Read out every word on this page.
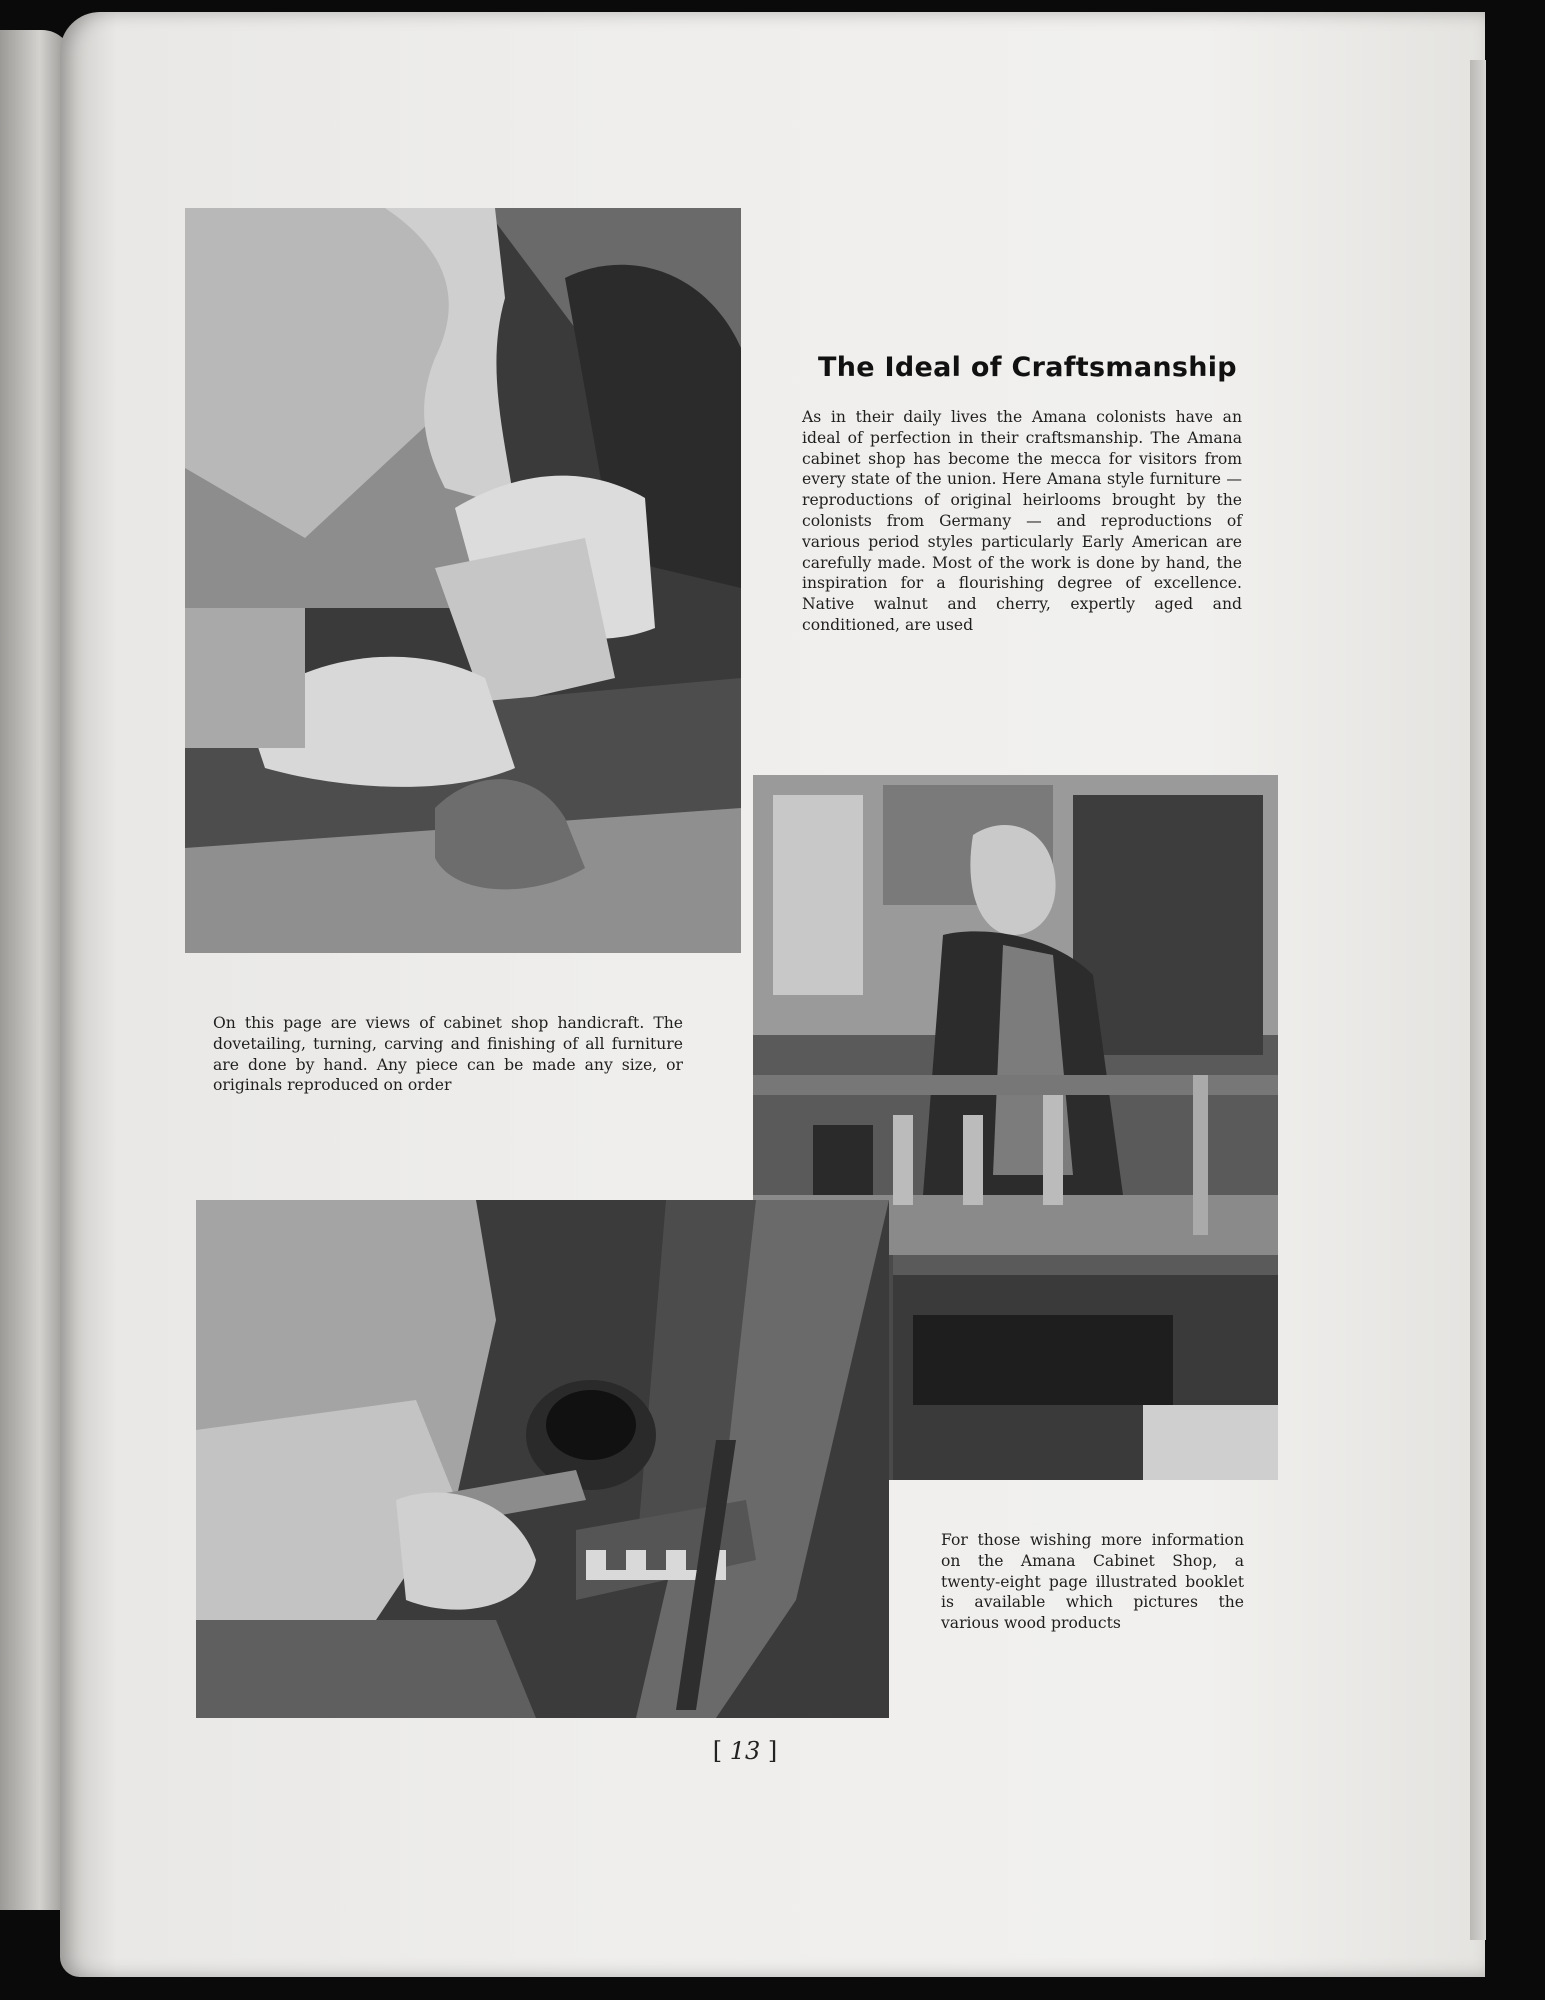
The Ideal of Craftsmanship
As in their daily lives the Amana colonists have an ideal of perfection in their craftsmanship. The Amana cabinet shop has become the mecca for visitors from every state of the union. Here Amana style furniture — reproductions of original heirlooms brought by the colonists from Germany — and reproductions of various period styles particularly Early American are carefully made. Most of the work is done by hand, the inspiration for a flourishing degree of excellence. Native walnut and cherry, expertly aged and conditioned, are used
On this page are views of cabinet shop handicraft. The dovetailing, turning, carving and finishing of all furniture are done by hand. Any piece can be made any size, or originals reproduced on order
For those wishing more information on the Amana Cabinet Shop, a twenty-eight page illustrated booklet is available which pictures the various wood products
[ 13 ]
